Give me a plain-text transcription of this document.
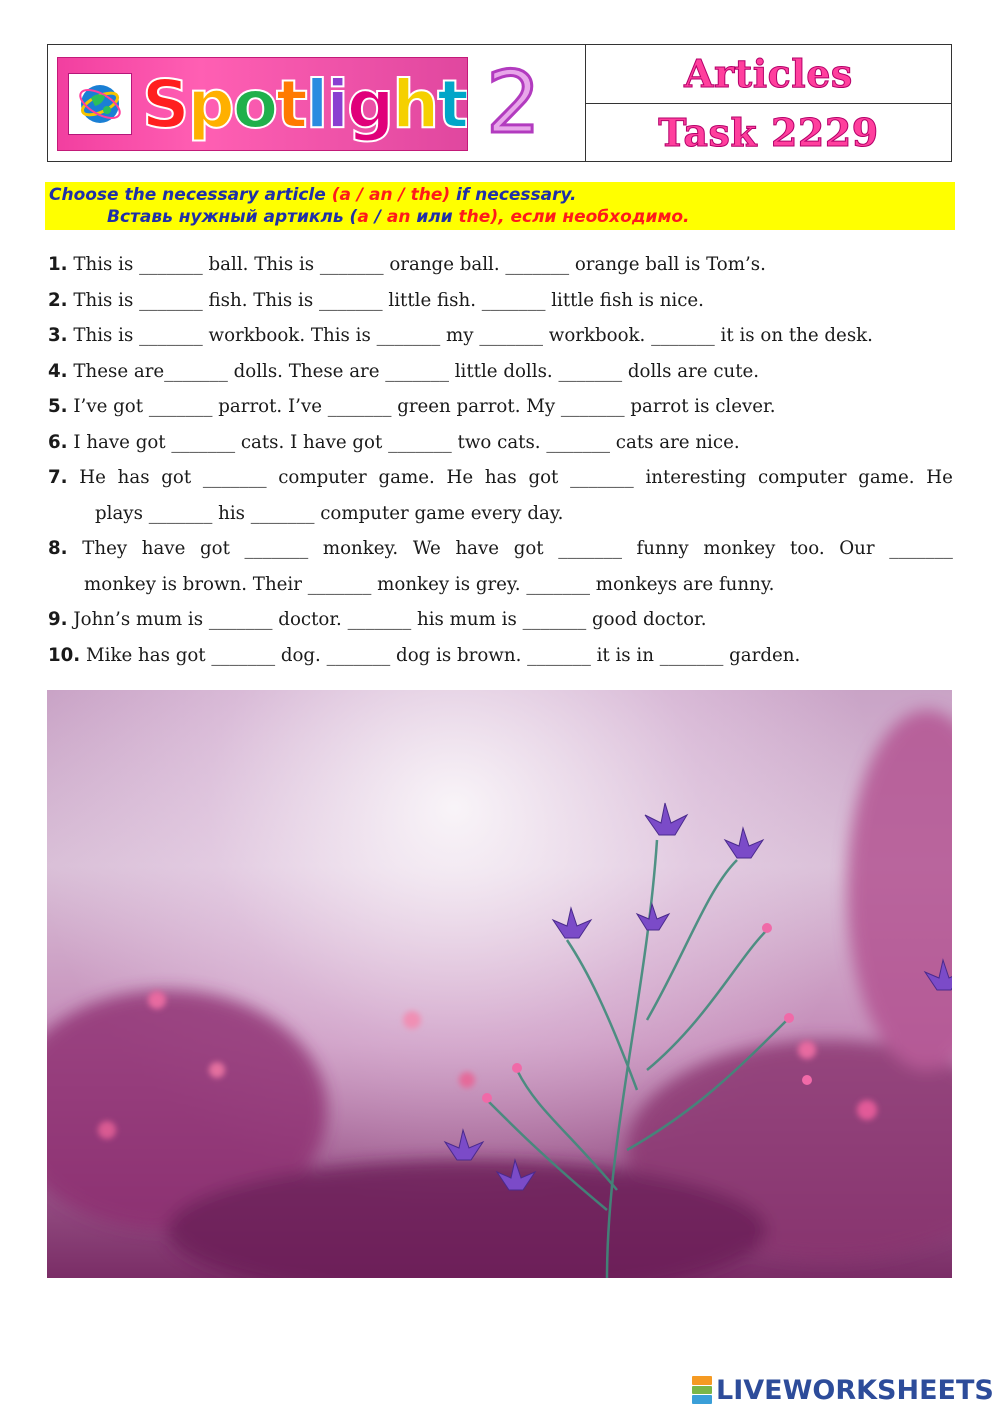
Spotlight 2	Articles
Task 2229
Choose the necessary article (a / an / the) if necessary.
Вставь нужный артикль (a / an или the), если необходимо.
1. This is _______ ball. This is _______ orange ball. _______ orange ball is Tom’s.
2. This is _______ fish. This is _______ little fish. _______ little fish is nice.
3. This is _______ workbook. This is _______ my _______ workbook. _______ it is on the desk.
4. These are_______ dolls. These are _______ little dolls. _______ dolls are cute.
5. I’ve got _______ parrot. I’ve _______ green parrot. My _______ parrot is clever.
6. I have got _______ cats. I have got _______ two cats. _______ cats are nice.
7. He has got _______ computer game. He has got _______ interesting computer game. He
plays _______ his _______ computer game every day.
8. They have got _______ monkey. We have got _______ funny monkey too. Our _______
monkey is brown. Their _______ monkey is grey. _______ monkeys are funny.
9. John’s mum is _______ doctor. _______ his mum is _______ good doctor.
10. Mike has got _______ dog. _______ dog is brown. _______ it is in _______ garden.
LIVEWORKSHEETS
